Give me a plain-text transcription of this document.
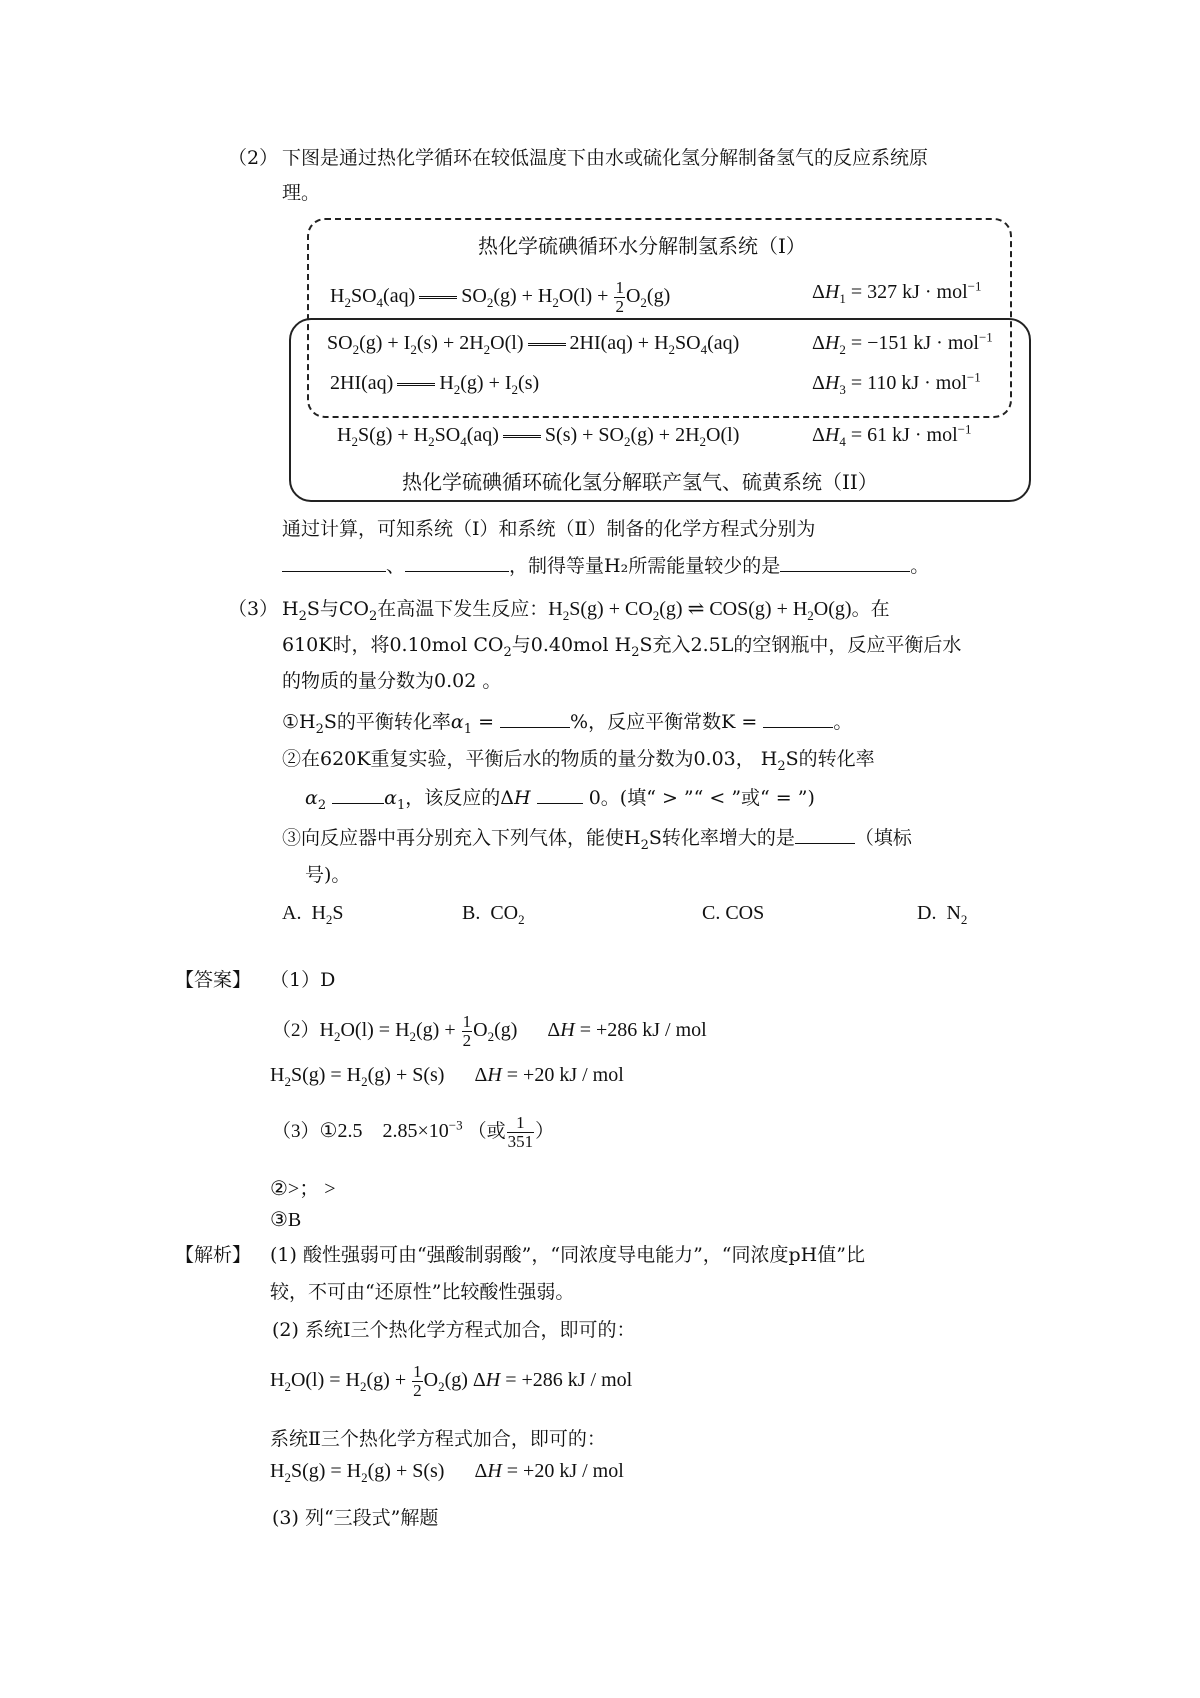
（2） 下图是通过热化学循环在较低温度下由水或硫化氢分解制备氢气的反应系统原
理。
热化学硫碘循环水分解制氢系统（I）
$H_2SO_4(aq) SO_2(g) + H_2O(l) + \frac{1}{2} O_2(g)$	$\Delta H_1 = 327$ kJ · mol$^{-1}$
$SO_2(g) + I_2(s) + 2H_2O(l) 2HI(aq) + H_2SO_4(aq)$	$\Delta H_2 = -151$ kJ · mol$^{-1}$
2HI(aq) $H_2(g) + I_2(s)$	$\Delta H_3 = 110$ kJ · mol$^{-1}$
$H_2S(g) + H_2SO_4(aq) S(s) + SO_2(g) + 2H_2O(l)$	$\Delta H_4 = 61$ kJ · mol$^{-1}$
热化学硫碘循环硫化氢分解联产氢气、硫黄系统（II）
通过计算，可知系统（Ⅰ）和系统（Ⅱ）制备的化学方程式分别为
、	，制得等量H₂所需能量较少的是	。
（3） $H_2S$与$CO_2$在高温下发生反应：$H_2S(g) + CO_2(g)$ ⇌ $COS(g) + H_2O(g)$。在
610K时，将0.10mol $CO_2$与0.40mol $H_2S$充入2.5L的空钢瓶中，反应平衡后水
的物质的量分数为0.02 。
$①H_2S$的平衡转化率$\alpha_1$ =	%，反应平衡常数K =	。
②在620K重复实验，平衡后水的物质的量分数为0.03， $H_2S$的转化率
$\alpha_2$	$\alpha_1$，该反应的ΔH	0。(填“ > ”“ < ”或“ = ”)
③向反应器中再分别充入下列气体，能使$H_2S$转化率增大的是	（填标
号)。
A.  $H_2S$	B.  $CO_2$	C. COS	D.  $N_2$
【答案】 （1）D
$(2)H_2O(l) = H_2(g) + \frac{1}{2} O_2(g)$      ΔH = +286 kJ / mol
$H_2S(g) = H_2(g) + S(s)$      ΔH = +20 kJ / mol
（3）①2.5    $2.85\times 10^{-3}$ （或 $\frac{1}{351}$ ）
②>； >
③B
【解析】 (1) 酸性强弱可由“强酸制弱酸”，“同浓度导电能力”，“同浓度pH值”比
较，不可由“还原性”比较酸性强弱。
(2) 系统Ⅰ三个热化学方程式加合，即可的：
$H_2O(l) = H_2(g) + \frac{1}{2} O_2(g) \Delta H = +286$ kJ / mol
系统Ⅱ三个热化学方程式加合，即可的：
$H_2S(g) = H_2(g) + S(s)$      ΔH = +20 kJ / mol
(3) 列“三段式”解题
